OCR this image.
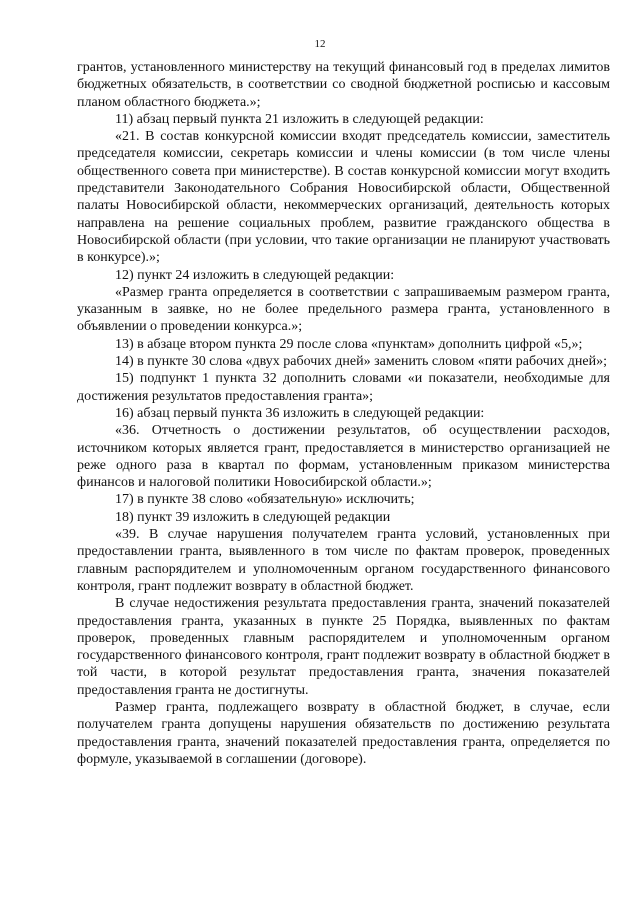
12

грантов, установленного министерству на текущий финансовый год в пределах лимитов бюджетных обязательств, в соответствии со сводной бюджетной росписью и кассовым планом областного бюджета.»;

11) абзац первый пункта 21 изложить в следующей редакции:

«21. В состав конкурсной комиссии входят председатель комиссии, заместитель председателя комиссии, секретарь комиссии и члены комиссии (в том числе члены общественного совета при министерстве). В состав конкурсной комиссии могут входить представители Законодательного Собрания Новосибирской области, Общественной палаты Новосибирской области, некоммерческих организаций, деятельность которых направлена на решение социальных проблем, развитие гражданского общества в Новосибирской области (при условии, что такие организации не планируют участвовать в конкурсе).»;

12) пункт 24 изложить в следующей редакции:

«Размер гранта определяется в соответствии с запрашиваемым размером гранта, указанным в заявке, но не более предельного размера гранта, установленного в объявлении о проведении конкурса.»;

13) в абзаце втором пункта 29 после слова «пунктам» дополнить цифрой «5,»;

14) в пункте 30 слова «двух рабочих дней» заменить словом «пяти рабочих дней»;

15) подпункт 1 пункта 32 дополнить словами «и показатели, необходимые для достижения результатов предоставления гранта»;

16) абзац первый пункта 36 изложить в следующей редакции:

«36. Отчетность о достижении результатов, об осуществлении расходов, источником которых является грант, предоставляется в министерство организацией не реже одного раза в квартал по формам, установленным приказом министерства финансов и налоговой политики Новосибирской области.»;

17) в пункте 38 слово «обязательную» исключить;

18) пункт 39 изложить в следующей редакции

«39. В случае нарушения получателем гранта условий, установленных при предоставлении гранта, выявленного в том числе по фактам проверок, проведенных главным распорядителем и уполномоченным органом государственного финансового контроля, грант подлежит возврату в областной бюджет.

В случае недостижения результата предоставления гранта, значений показателей предоставления гранта, указанных в пункте 25 Порядка, выявленных по фактам проверок, проведенных главным распорядителем и уполномоченным органом государственного финансового контроля, грант подлежит возврату в областной бюджет в той части, в которой результат предоставления гранта, значения показателей предоставления гранта не достигнуты.

Размер гранта, подлежащего возврату в областной бюджет, в случае, если получателем гранта допущены нарушения обязательств по достижению результата предоставления гранта, значений показателей предоставления гранта, определяется по формуле, указываемой в соглашении (договоре).
